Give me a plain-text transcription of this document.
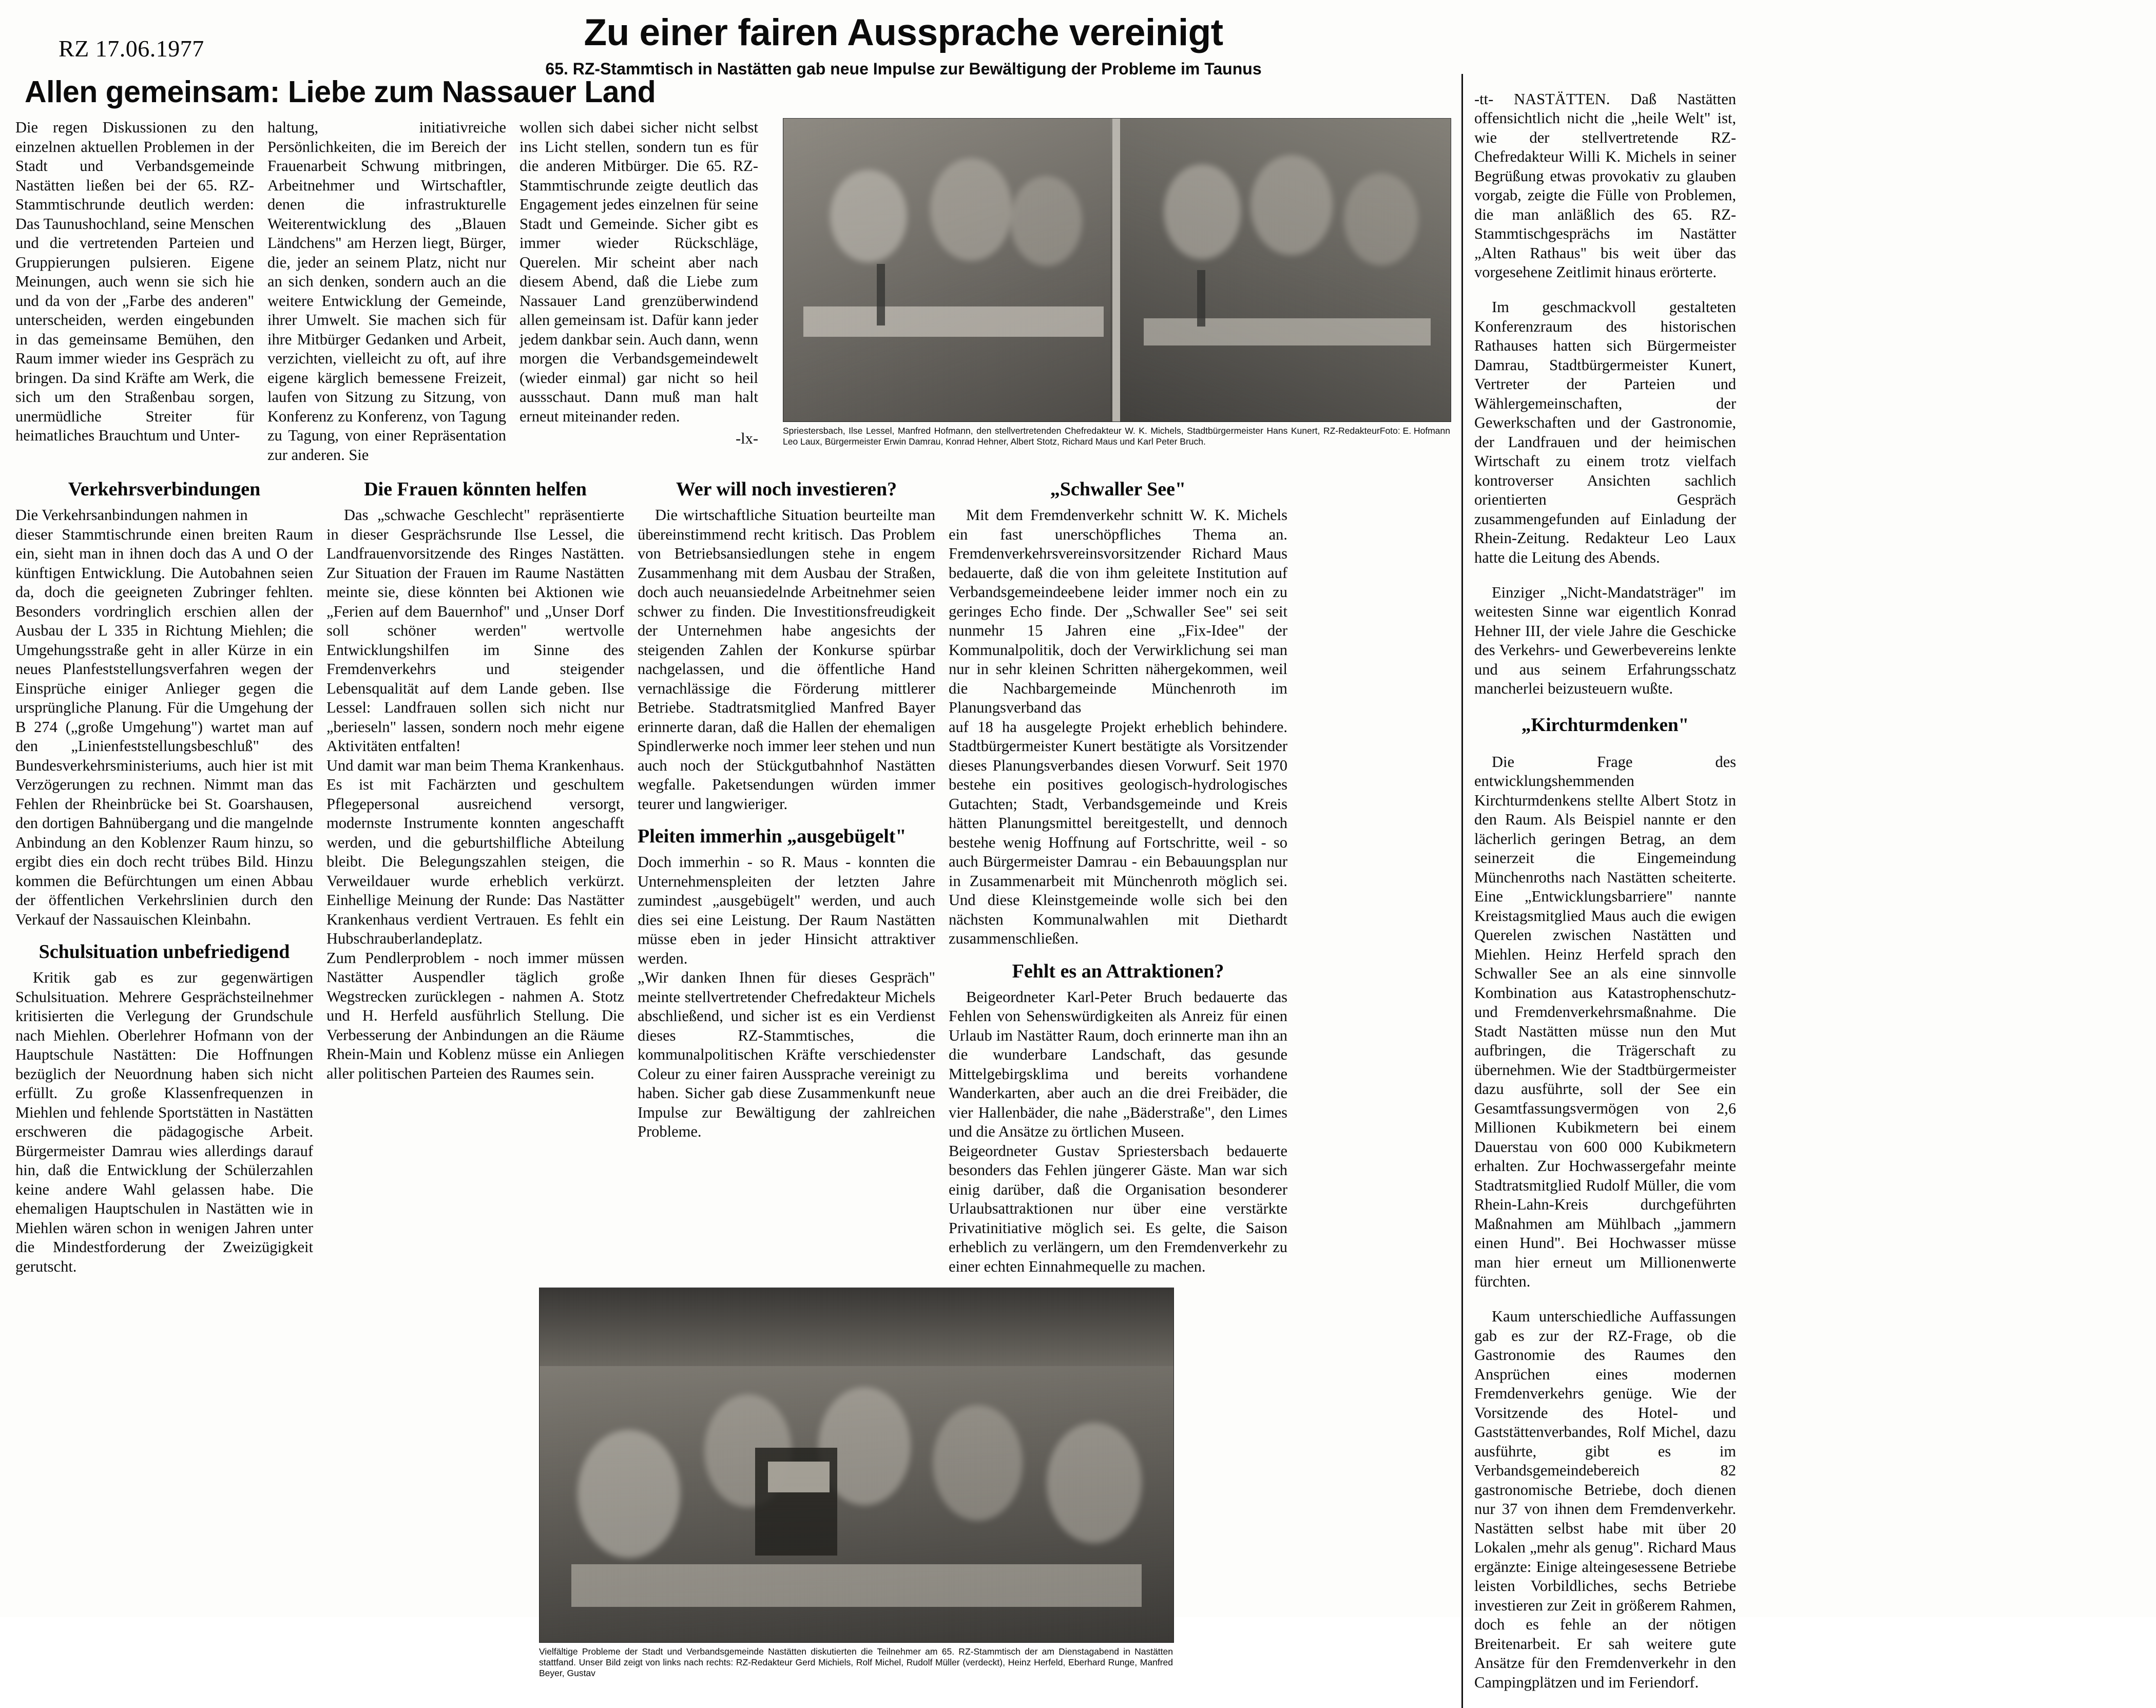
RZ 17.06.1977	Zu einer fairen Aussprache vereinigt
65. RZ-Stammtisch in Nastätten gab neue Impulse zur Bewältigung der Probleme im Taunus
Allen gemeinsam: Liebe zum Nassauer Land

Die regen Diskussionen zu den einzelnen aktuellen Problemen in der Stadt und Verbandsgemeinde Nastätten ließen bei der 65. RZ-Stammtischrunde deutlich werden: Das Taunushochland, seine Menschen und die vertretenden Parteien und Gruppierungen pulsieren. Eigene Meinungen, auch wenn sie sich hie und da von der „Farbe des anderen" unterscheiden, werden eingebunden in das gemeinsame Bemühen, den Raum immer wieder ins Gespräch zu bringen. Da sind Kräfte am Werk, die sich um den Straßenbau sorgen, unermüdliche Streiter für heimatliches Brauchtum und Unter-

haltung, initiativreiche Persönlichkeiten, die im Bereich der Frauenarbeit Schwung mitbringen, Arbeitnehmer und Wirtschaftler, denen die infrastrukturelle Weiterentwicklung des „Blauen Ländchens" am Herzen liegt, Bürger, die, jeder an seinem Platz, nicht nur an sich denken, sondern auch an die weitere Entwicklung der Gemeinde, ihrer Umwelt. Sie machen sich für ihre Mitbürger Gedanken und Arbeit, verzichten, vielleicht zu oft, auf ihre eigene kärglich bemessene Freizeit, laufen von Sitzung zu Sitzung, von Konferenz zu Konferenz, von Tagung zu Tagung, von einer Repräsentation zur anderen. Sie

wollen sich dabei sicher nicht selbst ins Licht stellen, sondern tun es für die anderen Mitbürger. Die 65. RZ-Stammtischrunde zeigte deutlich das Engagement jedes einzelnen für seine Stadt und Gemeinde. Sicher gibt es immer wieder Rückschläge, Querelen. Mir scheint aber nach diesem Abend, daß die Liebe zum Nassauer Land grenzüberwindend allen gemeinsam ist. Dafür kann jeder jedem dankbar sein. Auch dann, wenn morgen die Verbandsgemeindewelt (wieder einmal) gar nicht so heil aussschaut. Dann muß man halt erneut miteinander reden.

-lx-	Foto: E. Hofmann
Spriestersbach, Ilse Lessel, Manfred Hofmann, den stellvertretenden Chefredakteur W. K. Michels, Stadtbürgermeister Hans Kunert, RZ-Redakteur Leo Laux, Bürgermeister Erwin Damrau, Konrad Hehner, Albert Stotz, Richard Maus und Karl Peter Bruch.
Verkehrsverbindungen

Die Verkehrsanbindungen nahmen in

dieser Stammtischrunde einen breiten Raum ein, sieht man in ihnen doch das A und O der künftigen Entwicklung. Die Autobahnen seien da, doch die geeigneten Zubringer fehlten. Besonders vordringlich erschien allen der Ausbau der L 335 in Richtung Miehlen; die Umgehungsstraße geht in aller Kürze in ein neues Planfeststellungsverfahren wegen der Einsprüche einiger Anlieger gegen die ursprüngliche Planung. Für die Umgehung der B 274 („große Umgehung") wartet man auf den „Linienfeststellungsbeschluß" des Bundesverkehrsministeriums, auch hier ist mit Verzögerungen zu rechnen. Nimmt man das Fehlen der Rheinbrücke bei St. Goarshausen, den dortigen Bahnübergang und die mangelnde Anbindung an den Koblenzer Raum hinzu, so ergibt dies ein doch recht trübes Bild. Hinzu kommen die Befürchtungen um einen Abbau der öffentlichen Verkehrslinien durch den Verkauf der Nassauischen Kleinbahn.

Schulsituation unbefriedigend

Kritik gab es zur gegenwärtigen Schulsituation. Mehrere Gesprächsteilnehmer kritisierten die Verlegung der Grundschule nach Miehlen. Oberlehrer Hofmann von der Hauptschule Nastätten: Die Hoffnungen bezüglich der Neuordnung haben sich nicht erfüllt. Zu große Klassenfrequenzen in Miehlen und fehlende Sportstätten in Nastätten erschweren die pädagogische Arbeit. Bürgermeister Damrau wies allerdings darauf hin, daß die Entwicklung der Schülerzahlen keine andere Wahl gelassen habe. Die ehemaligen Hauptschulen in Nastätten wie in Miehlen wären schon in wenigen Jahren unter die Mindestforderung der Zweizügigkeit gerutscht.

Die Frauen könnten helfen

Das „schwache Geschlecht" repräsentierte in dieser Gesprächsrunde Ilse Lessel, die Landfrauenvorsitzende des Ringes Nastätten. Zur Situation der Frauen im Raume Nastätten meinte sie, diese könnten bei Aktionen wie „Ferien auf dem Bauernhof" und „Unser Dorf soll schöner werden" wertvolle Entwicklungshilfen im Sinne des Fremdenverkehrs und steigender Lebensqualität auf dem Lande geben. Ilse Lessel: Landfrauen sollen sich nicht nur „berieseln" lassen, sondern noch mehr eigene Aktivitäten entfalten!

Und damit war man beim Thema Krankenhaus. Es ist mit Fachärzten und geschultem Pflegepersonal ausreichend versorgt, modernste Instrumente konnten angeschafft werden, und die geburtshilfliche Abteilung bleibt. Die Belegungszahlen steigen, die Verweildauer wurde erheblich verkürzt. Einhellige Meinung der Runde: Das Nastätter Krankenhaus verdient Vertrauen. Es fehlt ein Hubschrauberlandeplatz.

Zum Pendlerproblem - noch immer müssen Nastätter Auspendler täglich große Wegstrecken zurücklegen - nahmen A. Stotz und H. Herfeld ausführlich Stellung. Die Verbesserung der Anbindungen an die Räume Rhein-Main und Koblenz müsse ein Anliegen aller politischen Parteien des Raumes sein.

Wer will noch investieren?

Die wirtschaftliche Situation beurteilte man übereinstimmend recht kritisch. Das Problem von Betriebsansiedlungen stehe in engem Zusammenhang mit dem Ausbau der Straßen, doch auch neuansiedelnde Arbeitnehmer seien schwer zu finden. Die Investitionsfreudigkeit der Unternehmen habe angesichts der steigenden Zahlen der Konkurse spürbar nachgelassen, und die öffentliche Hand vernachlässige die Förderung mittlerer Betriebe. Stadtratsmitglied Manfred Bayer erinnerte daran, daß die Hallen der ehemaligen Spindlerwerke noch immer leer stehen und nun auch noch der Stückgutbahnhof Nastätten wegfalle. Paketsendungen würden immer teurer und langwieriger.

Pleiten immerhin „ausgebügelt"

Doch immerhin - so R. Maus - konnten die Unternehmenspleiten der letzten Jahre zumindest „ausgebügelt" werden, und auch dies sei eine Leistung. Der Raum Nastätten müsse eben in jeder Hinsicht attraktiver werden.

„Wir danken Ihnen für dieses Gespräch" meinte stellvertretender Chefredakteur Michels abschließend, und sicher ist es ein Verdienst dieses RZ-Stammtisches, die kommunalpolitischen Kräfte verschiedenster Coleur zu einer fairen Aussprache vereinigt zu haben. Sicher gab diese Zusammenkunft neue Impulse zur Bewältigung der zahlreichen Probleme.

„Schwaller See"

Mit dem Fremdenverkehr schnitt W. K. Michels ein fast unerschöpfliches Thema an. Fremdenverkehrsvereinsvorsitzender Richard Maus bedauerte, daß die von ihm geleitete Institution auf Verbandsgemeindeebene leider immer noch ein zu geringes Echo finde. Der „Schwaller See" sei seit nunmehr 15 Jahren eine „Fix-Idee" der Kommunalpolitik, doch der Verwirklichung sei man nur in sehr kleinen Schritten nähergekommen, weil die Nachbargemeinde Münchenroth im Planungsverband das

auf 18 ha ausgelegte Projekt erheblich behindere. Stadtbürgermeister Kunert bestätigte als Vorsitzender dieses Planungsverbandes diesen Vorwurf. Seit 1970 bestehe ein positives geologisch-hydrologisches Gutachten; Stadt, Verbandsgemeinde und Kreis hätten Planungsmittel bereitgestellt, und dennoch bestehe wenig Hoffnung auf Fortschritte, weil - so auch Bürgermeister Damrau - ein Bebauungsplan nur in Zusammenarbeit mit Münchenroth möglich sei. Und diese Kleinstgemeinde wolle sich bei den nächsten Kommunalwahlen mit Diethardt zusammenschließen.

Fehlt es an Attraktionen?

Beigeordneter Karl-Peter Bruch bedauerte das Fehlen von Sehenswürdigkeiten als Anreiz für einen Urlaub im Nastätter Raum, doch erinnerte man ihn an die wunderbare Landschaft, das gesunde Mittelgebirgsklima und bereits vorhandene Wanderkarten, aber auch an die drei Freibäder, die vier Hallenbäder, die nahe „Bäderstraße", den Limes und die Ansätze zu örtlichen Museen.

Beigeordneter Gustav Spriestersbach bedauerte besonders das Fehlen jüngerer Gäste. Man war sich einig darüber, daß die Organisation besonderer Urlaubsattraktionen nur über eine verstärkte Privatinitiative möglich sei. Es gelte, die Saison erheblich zu verlängern, um den Fremdenverkehr zu einer echten Einnahmequelle zu machen.

Vielfältige Probleme der Stadt und Verbandsgemeinde Nastätten diskutierten die Teilnehmer am 65. RZ-Stammtisch der am Dienstagabend in Nastätten stattfand. Unser Bild zeigt von links nach rechts: RZ-Redakteur Gerd Michiels, Rolf Michel, Rudolf Müller (verdeckt), Heinz Herfeld, Eberhard Runge, Manfred Beyer, Gustav

-tt- NASTÄTTEN. Daß Nastätten offensichtlich nicht die „heile Welt" ist, wie der stellvertretende RZ-Chefredakteur Willi K. Michels in seiner Begrüßung etwas provokativ zu glauben vorgab, zeigte die Fülle von Problemen, die man anläßlich des 65. RZ-Stammtischgesprächs im Nastätter „Alten Rathaus" bis weit über das vorgesehene Zeitlimit hinaus erörterte.

Im geschmackvoll gestalteten Konferenzraum des historischen Rathauses hatten sich Bürgermeister Damrau, Stadtbürgermeister Kunert, Vertreter der Parteien und Wählergemeinschaften, der Gewerkschaften und der Gastronomie, der Landfrauen und der heimischen Wirtschaft zu einem trotz vielfach kontroverser Ansichten sachlich orientierten Gespräch zusammengefunden auf Einladung der Rhein-Zeitung. Redakteur Leo Laux hatte die Leitung des Abends.

Einziger „Nicht-Mandatsträger" im weitesten Sinne war eigentlich Konrad Hehner III, der viele Jahre die Geschicke des Verkehrs- und Gewerbevereins lenkte und aus seinem Erfahrungsschatz mancherlei beizusteuern wußte.

„Kirchturmdenken"

Die Frage des entwicklungshemmenden Kirchturmdenkens stellte Albert Stotz in den Raum. Als Beispiel nannte er den lächerlich geringen Betrag, an dem seinerzeit die Eingemeindung Münchenroths nach Nastätten scheiterte. Eine „Entwicklungsbarriere" nannte Kreistagsmitglied Maus auch die ewigen Querelen zwischen Nastätten und Miehlen. Heinz Herfeld sprach den Schwaller See an als eine sinnvolle Kombination aus Katastrophenschutz- und Fremdenverkehrsmaßnahme. Die Stadt Nastätten müsse nun den Mut aufbringen, die Trägerschaft zu übernehmen. Wie der Stadtbürgermeister dazu ausführte, soll der See ein Gesamtfassungsvermögen von 2,6 Millionen Kubikmetern bei einem Dauerstau von 600 000 Kubikmetern erhalten. Zur Hochwassergefahr meinte Stadtratsmitglied Rudolf Müller, die vom Rhein-Lahn-Kreis durchgeführten Maßnahmen am Mühlbach „jammern einen Hund". Bei Hochwasser müsse man hier erneut um Millionenwerte fürchten.

Kaum unterschiedliche Auffassungen gab es zur der RZ-Frage, ob die Gastronomie des Raumes den Ansprüchen eines modernen Fremdenverkehrs genüge. Wie der Vorsitzende des Hotel- und Gaststättenverbandes, Rolf Michel, dazu ausführte, gibt es im Verbandsgemeindebereich 82 gastronomische Betriebe, doch dienen nur 37 von ihnen dem Fremdenverkehr. Nastätten selbst habe mit über 20 Lokalen „mehr als genug". Richard Maus ergänzte: Einige alteingesessene Betriebe leisten Vorbildliches, sechs Betriebe investieren zur Zeit in größerem Rahmen, doch es fehle an der nötigen Breitenarbeit. Er sah weitere gute Ansätze für den Fremdenverkehr in den Campingplätzen und im Feriendorf.
